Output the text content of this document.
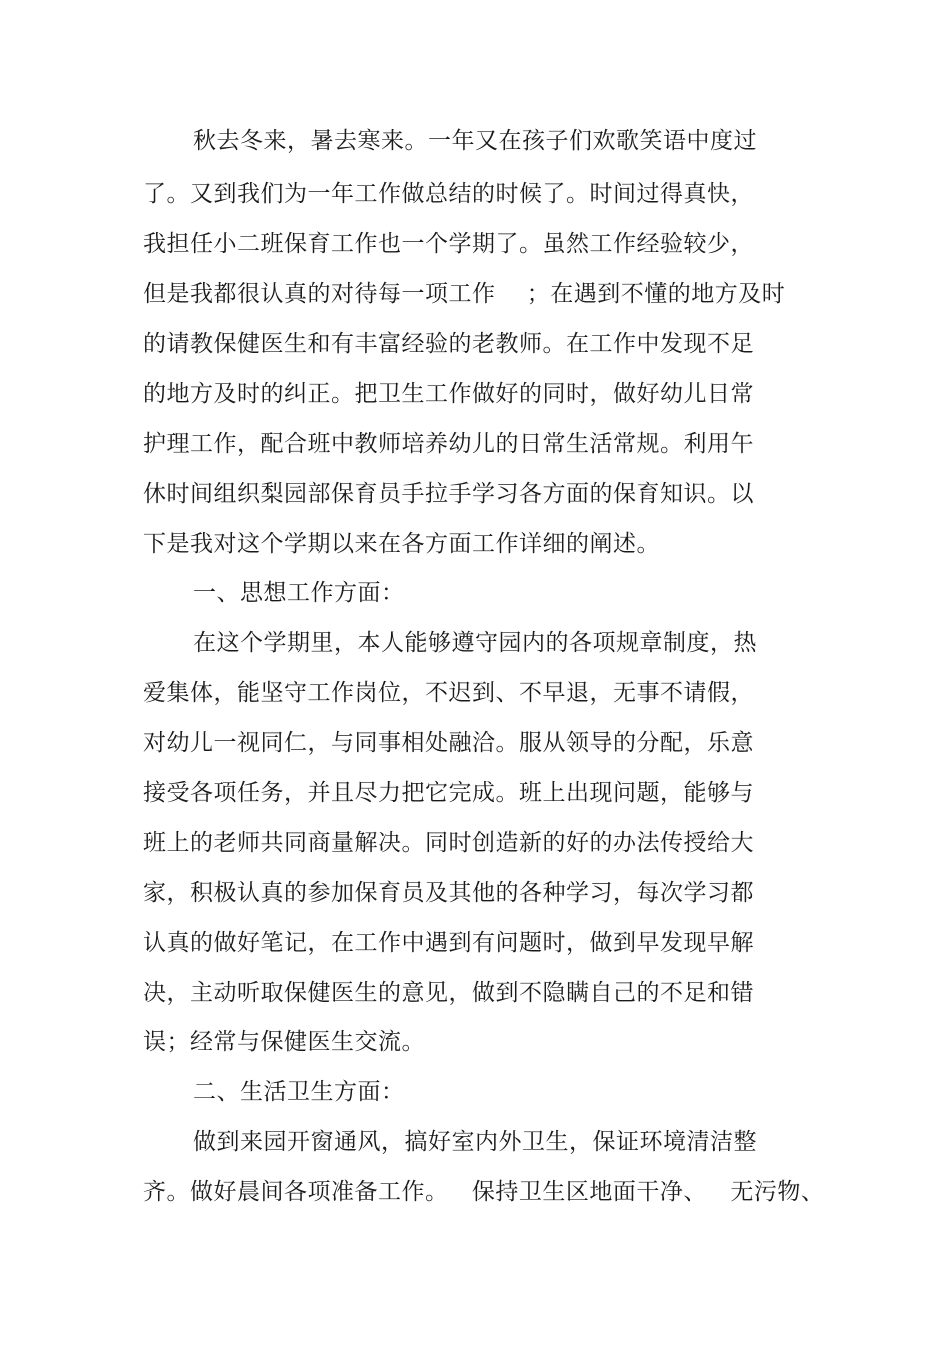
秋去冬来，暑去寒来。一年又在孩子们欢歌笑语中度过
了。又到我们为一年工作做总结的时候了。时间过得真快，
我担任小二班保育工作也一个学期了。虽然工作经验较少，
但是我都很认真的对待每一项工作    ；在遇到不懂的地方及时
的请教保健医生和有丰富经验的老教师。在工作中发现不足
的地方及时的纠正。把卫生工作做好的同时，做好幼儿日常
护理工作，配合班中教师培养幼儿的日常生活常规。利用午
休时间组织梨园部保育员手拉手学习各方面的保育知识。以
下是我对这个学期以来在各方面工作详细的阐述。
一、思想工作方面：
在这个学期里，本人能够遵守园内的各项规章制度，热
爱集体，能坚守工作岗位，不迟到、不早退，无事不请假，
对幼儿一视同仁，与同事相处融洽。服从领导的分配，乐意
接受各项任务，并且尽力把它完成。班上出现问题，能够与
班上的老师共同商量解决。同时创造新的好的办法传授给大
家，积极认真的参加保育员及其他的各种学习，每次学习都
认真的做好笔记，在工作中遇到有问题时，做到早发现早解
决，主动听取保健医生的意见，做到不隐瞒自己的不足和错
误；经常与保健医生交流。
二、生活卫生方面：
做到来园开窗通风，搞好室内外卫生，保证环境清洁整
齐。做好晨间各项准备工作。   保持卫生区地面干净、   无污物、
